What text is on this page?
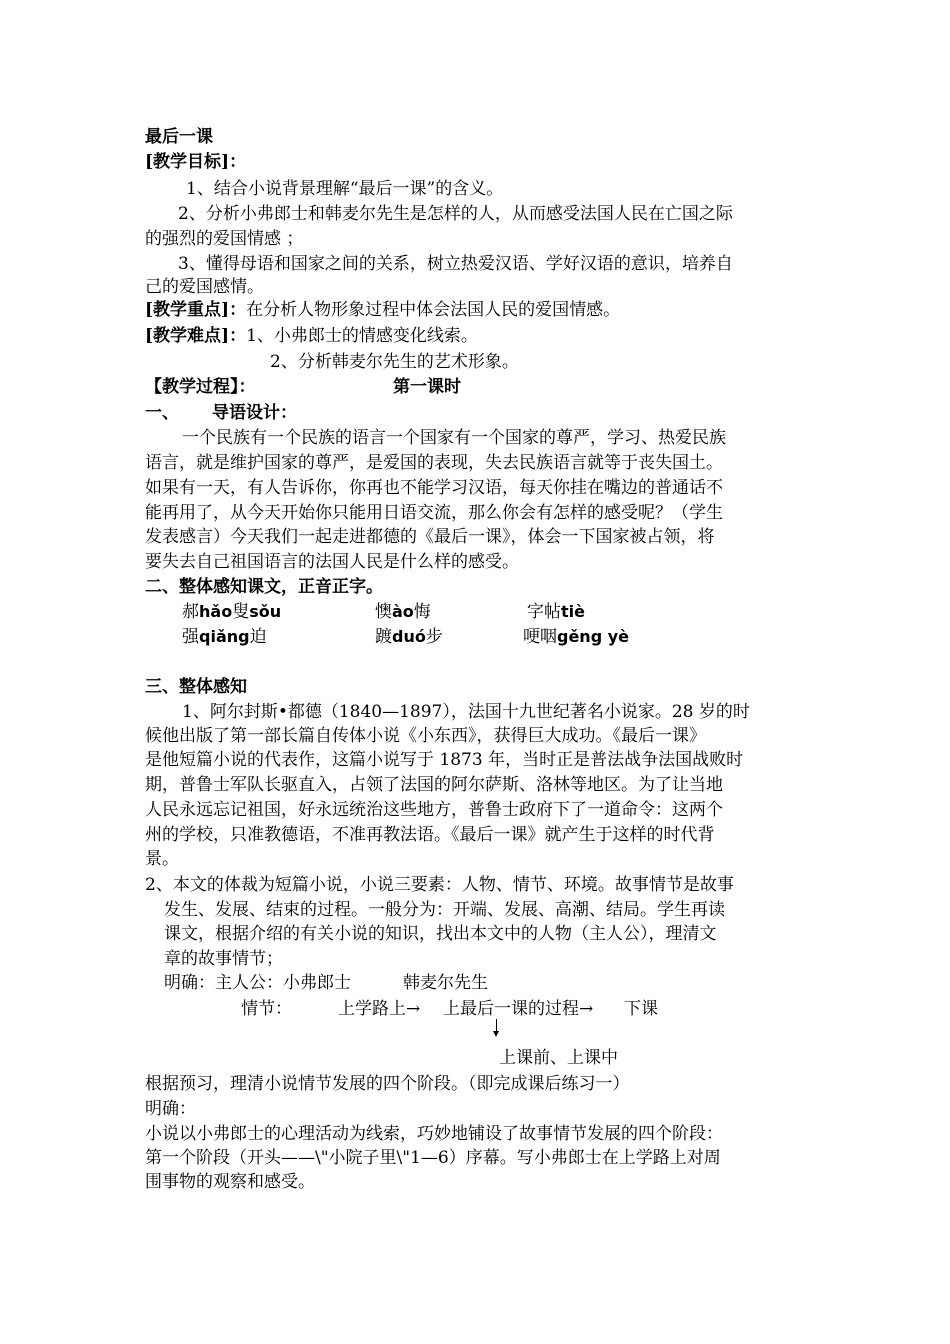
最后一课
[教学目标]：
1、结合小说背景理解“最后一课”的含义。
2、分析小弗郎士和韩麦尔先生是怎样的人，从而感受法国人民在亡国之际
的强烈的爱国情感 ；
3、懂得母语和国家之间的关系，树立热爱汉语、学好汉语的意识，培养自
己的爱国感情。
[教学重点]：在分析人物形象过程中体会法国人民的爱国情感。
[教学难点]：1、小弗郎士的情感变化线索。
2、分析韩麦尔先生的艺术形象。
【教学过程】：	第一课时
一、	导语设计：
一个民族有一个民族的语言一个国家有一个国家的尊严，学习、热爱民族
语言，就是维护国家的尊严，是爱国的表现，失去民族语言就等于丧失国土。
如果有一天，有人告诉你，你再也不能学习汉语，每天你挂在嘴边的普通话不
能再用了，从今天开始你只能用日语交流，那么你会有怎样的感受呢？（学生
发表感言）今天我们一起走进都德的《最后一课》，体会一下国家被占领，将
要失去自己祖国语言的法国人民是什么样的感受。
二、整体感知课文，正音正字。
郝hǎo叟sǒu	懊ào悔	字帖tiè
强qiǎng迫	踱duó步	哽咽gěng yè
三、整体感知
1、阿尔封斯•都德（1840—1897），法国十九世纪著名小说家。28 岁的时
候他出版了第一部长篇自传体小说《小东西》，获得巨大成功。《最后一课》
是他短篇小说的代表作，这篇小说写于 1873 年，当时正是普法战争法国战败时
期，普鲁士军队长驱直入，占领了法国的阿尔萨斯、洛林等地区。为了让当地
人民永远忘记祖国，好永远统治这些地方，普鲁士政府下了一道命令：这两个
州的学校，只准教德语，不准再教法语。《最后一课》就产生于这样的时代背
景。
2、本文的体裁为短篇小说，小说三要素：人物、情节、环境。故事情节是故事
发生、发展、结束的过程。一般分为：开端、发展、高潮、结局。学生再读
课文，根据介绍的有关小说的知识，找出本文中的人物（主人公），理清文
章的故事情节；
明确：主人公：小弗郎士	韩麦尔先生
情节：	上学路上→	上最后一课的过程→	下课
上课前、上课中
根据预习，理清小说情节发展的四个阶段。（即完成课后练习一）
明确：
小说以小弗郎士的心理活动为线索，巧妙地铺设了故事情节发展的四个阶段：
第一个阶段（开头——\"小院子里\"1—6）序幕。写小弗郎士在上学路上对周
围事物的观察和感受。
